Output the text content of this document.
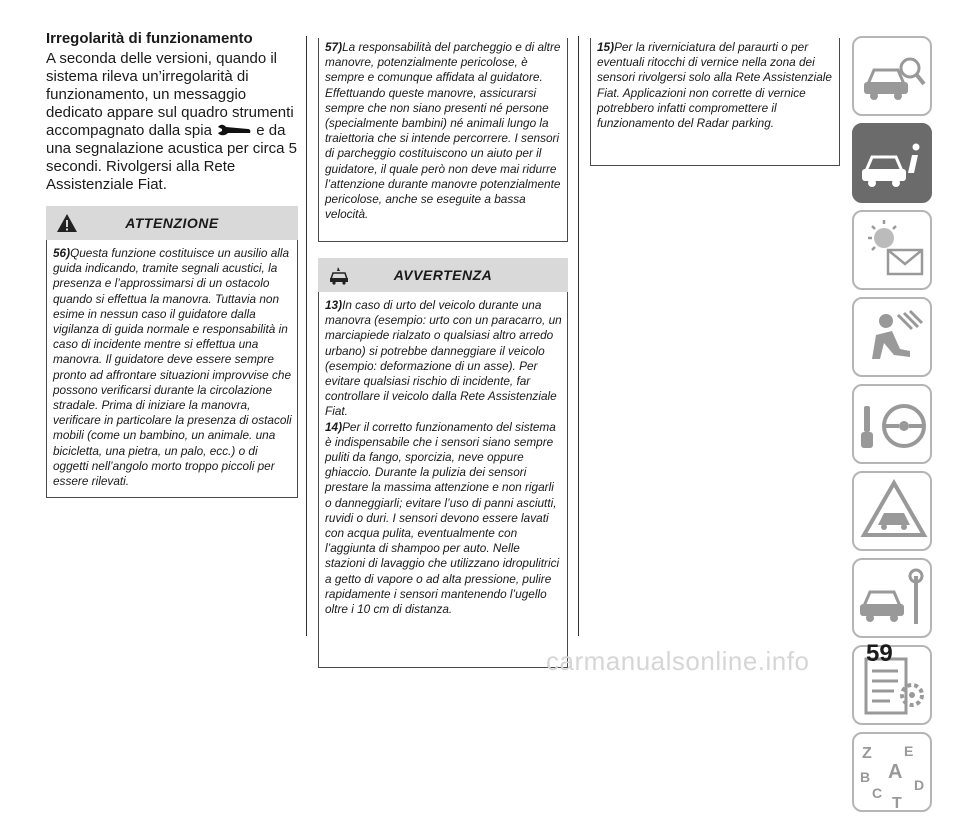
Irregolarità di funzionamento
A seconda delle versioni, quando il sistema rileva un’irregolarità di funzionamento, un messaggio dedicato appare sul quadro strumenti accompagnato dalla spia	e da una segnalazione acustica per circa 5 secondi. Rivolgersi alla Rete Assistenziale Fiat.
ATTENZIONE
56)Questa funzione costituisce un ausilio alla guida indicando, tramite segnali acustici, la presenza e l’approssimarsi di un ostacolo quando si effettua la manovra. Tuttavia non esime in nessun caso il guidatore dalla vigilanza di guida normale e responsabilità in caso di incidente mentre si effettua una manovra. Il guidatore deve essere sempre pronto ad affrontare situazioni improvvise che possono verificarsi durante la circolazione stradale. Prima di iniziare la manovra, verificare in particolare la presenza di ostacoli mobili (come un bambino, un animale. una bicicletta, una pietra, un palo, ecc.) o di oggetti nell’angolo morto troppo piccoli per essere rilevati.
57)La responsabilità del parcheggio e di altre manovre, potenzialmente pericolose, è sempre e comunque affidata al guidatore. Effettuando queste manovre, assicurarsi sempre che non siano presenti né persone (specialmente bambini) né animali lungo la traiettoria che si intende percorrere. I sensori di parcheggio costituiscono un aiuto per il guidatore, il quale però non deve mai ridurre l’attenzione durante manovre potenzialmente pericolose, anche se eseguite a bassa velocità.
AVVERTENZA
13)In caso di urto del veicolo durante una manovra (esempio: urto con un paracarro, un marciapiede rialzato o qualsiasi altro arredo urbano) si potrebbe danneggiare il veicolo (esempio: deformazione di un asse). Per evitare qualsiasi rischio di incidente, far controllare il veicolo dalla Rete Assistenziale Fiat.
14)Per il corretto funzionamento del sistema è indispensabile che i sensori siano sempre puliti da fango, sporcizia, neve oppure ghiaccio. Durante la pulizia dei sensori prestare la massima attenzione e non rigarli o danneggiarli; evitare l’uso di panni asciutti, ruvidi o duri. I sensori devono essere lavati con acqua pulita, eventualmente con l’aggiunta di shampoo per auto. Nelle stazioni di lavaggio che utilizzano idropulitrici a getto di vapore o ad alta pressione, pulire rapidamente i sensori mantenendo l’ugello oltre i 10 cm di distanza.
15)Per la riverniciatura del paraurti o per eventuali ritocchi di vernice nella zona dei sensori rivolgersi solo alla Rete Assistenziale Fiat. Applicazioni non corrette di vernice potrebbero infatti compromettere il funzionamento del Radar parking.
Z E
B A
C D
T
carmanualsonline.info 59
